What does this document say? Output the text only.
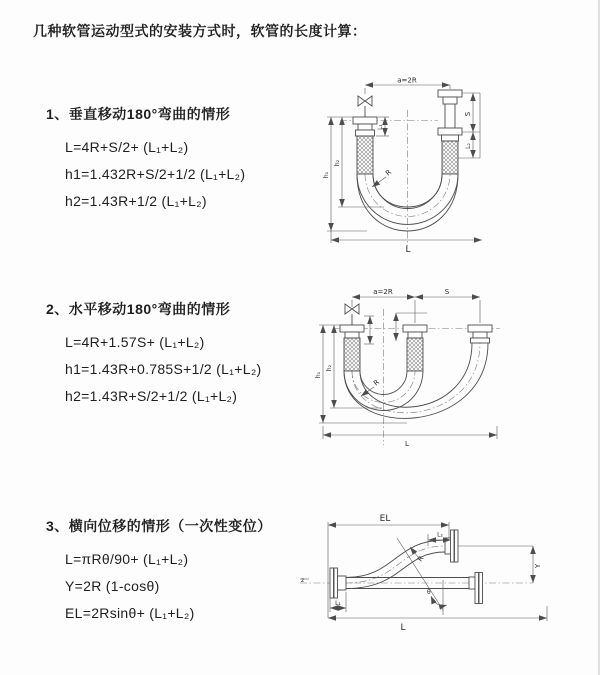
几种软管运动型式的安装方式时，软管的长度计算：
1、垂直移动180°弯曲的情形
L=4R+S/2+ (L₁+L₂)
h1=1.432R+S/2+1/2 (L₁+L₂)
h2=1.43R+1/2 (L₁+L₂)
2、水平移动180°弯曲的情形
L=4R+1.57S+ (L₁+L₂)
h1=1.43R+0.785S+1/2 (L₁+L₂)
h2=1.43R+S/2+1/2 (L₁+L₂)
3、横向位移的情形（一次性变位）
L=πRθ/90+ (L₁+L₂)
Y=2R (1-cosθ)
EL=2Rsinθ+ (L₁+L₂)
a=2R
S
L₂
L₁
h₂
h₁	R
L
a=2R	S
h₂
h₁
R
L
EL
L₂
Y
R
θ
z
L₁
L
